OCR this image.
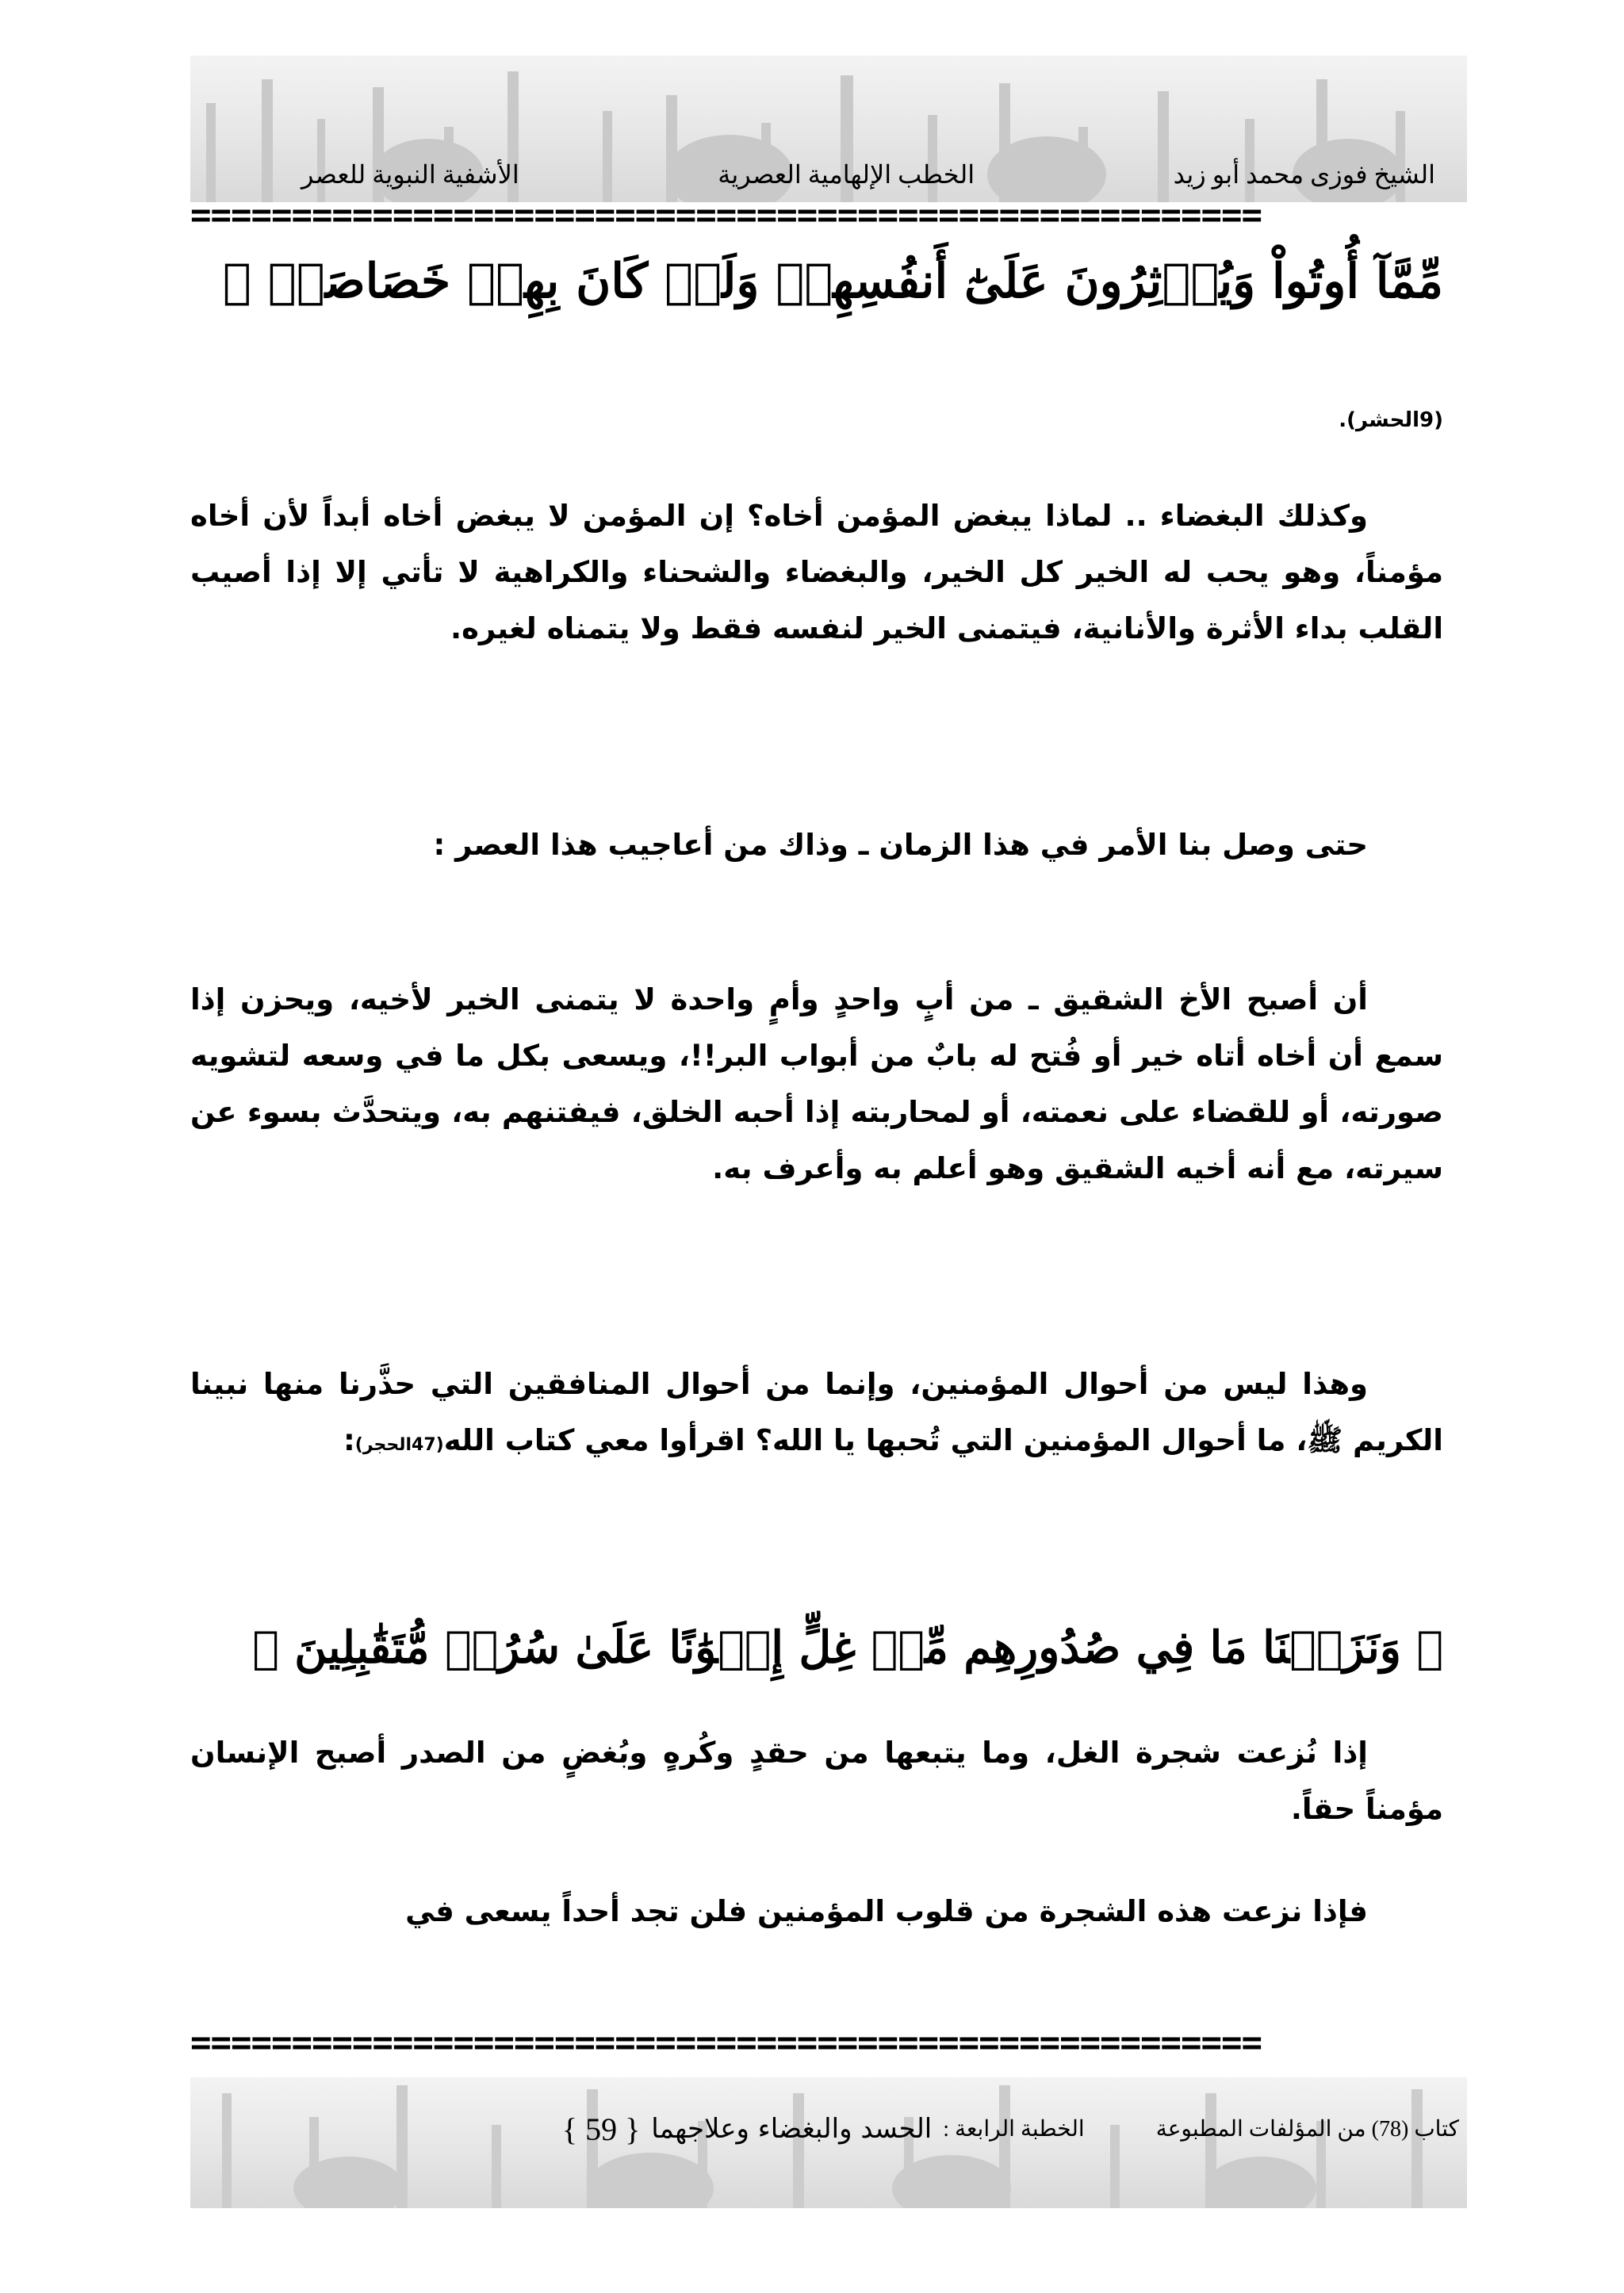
الشيخ فوزى محمد أبو زيد
الخطب الإلهامية العصرية
الأشفية النبوية للعصر
=====================================================
مِّمَّآ أُوتُواْ وَيُؤۡثِرُونَ عَلَىٰٓ أَنفُسِهِمۡ وَلَوۡ كَانَ بِهِمۡ خَصَاصَةٞ ﴾
(9الحشر).
وكذلك البغضاء .. لماذا يبغض المؤمن أخاه؟ إن المؤمن لا يبغض أخاه أبداً لأن أخاه مؤمناً، وهو يحب له الخير كل الخير، والبغضاء والشحناء والكراهية لا تأتي إلا إذا أصيب القلب بداء الأثرة والأنانية، فيتمنى الخير لنفسه فقط ولا يتمناه لغيره.
حتى وصل بنا الأمر في هذا الزمان ـ وذاك من أعاجيب هذا العصر :
أن أصبح الأخ الشقيق ـ من أبٍ واحدٍ وأمٍ واحدة لا يتمنى الخير لأخيه، ويحزن إذا سمع أن أخاه أتاه خير أو فُتح له بابٌ من أبواب البر!!، ويسعى بكل ما في وسعه لتشويه صورته، أو للقضاء على نعمته، أو لمحاربته إذا أحبه الخلق، فيفتنهم به، ويتحدَّث بسوء عن سيرته، مع أنه أخيه الشقيق وهو أعلم به وأعرف به.
وهذا ليس من أحوال المؤمنين، وإنما من أحوال المنافقين التي حذَّرنا منها نبينا الكريم ﷺ، ما أحوال المؤمنين التي تُحبها يا الله؟ اقرأوا معي كتاب الله(47الحجر):
﴿ وَنَزَعۡنَا مَا فِي صُدُورِهِم مِّنۡ غِلٍّ إِخۡوَٰنًا عَلَىٰ سُرُرٖ مُّتَقَٰبِلِينَ ﴾
إذا نُزعت شجرة الغل، وما يتبعها من حقدٍ وكُرهٍ وبُغضٍ من الصدر أصبح الإنسان مؤمناً حقاً.
فإذا نزعت هذه الشجرة من قلوب المؤمنين فلن تجد أحداً يسعى في
=====================================================
كتاب (78) من المؤلفات المطبوعة
الخطبة الرابعة :
الحسد والبغضاء وعلاجهما
{ 59 }
